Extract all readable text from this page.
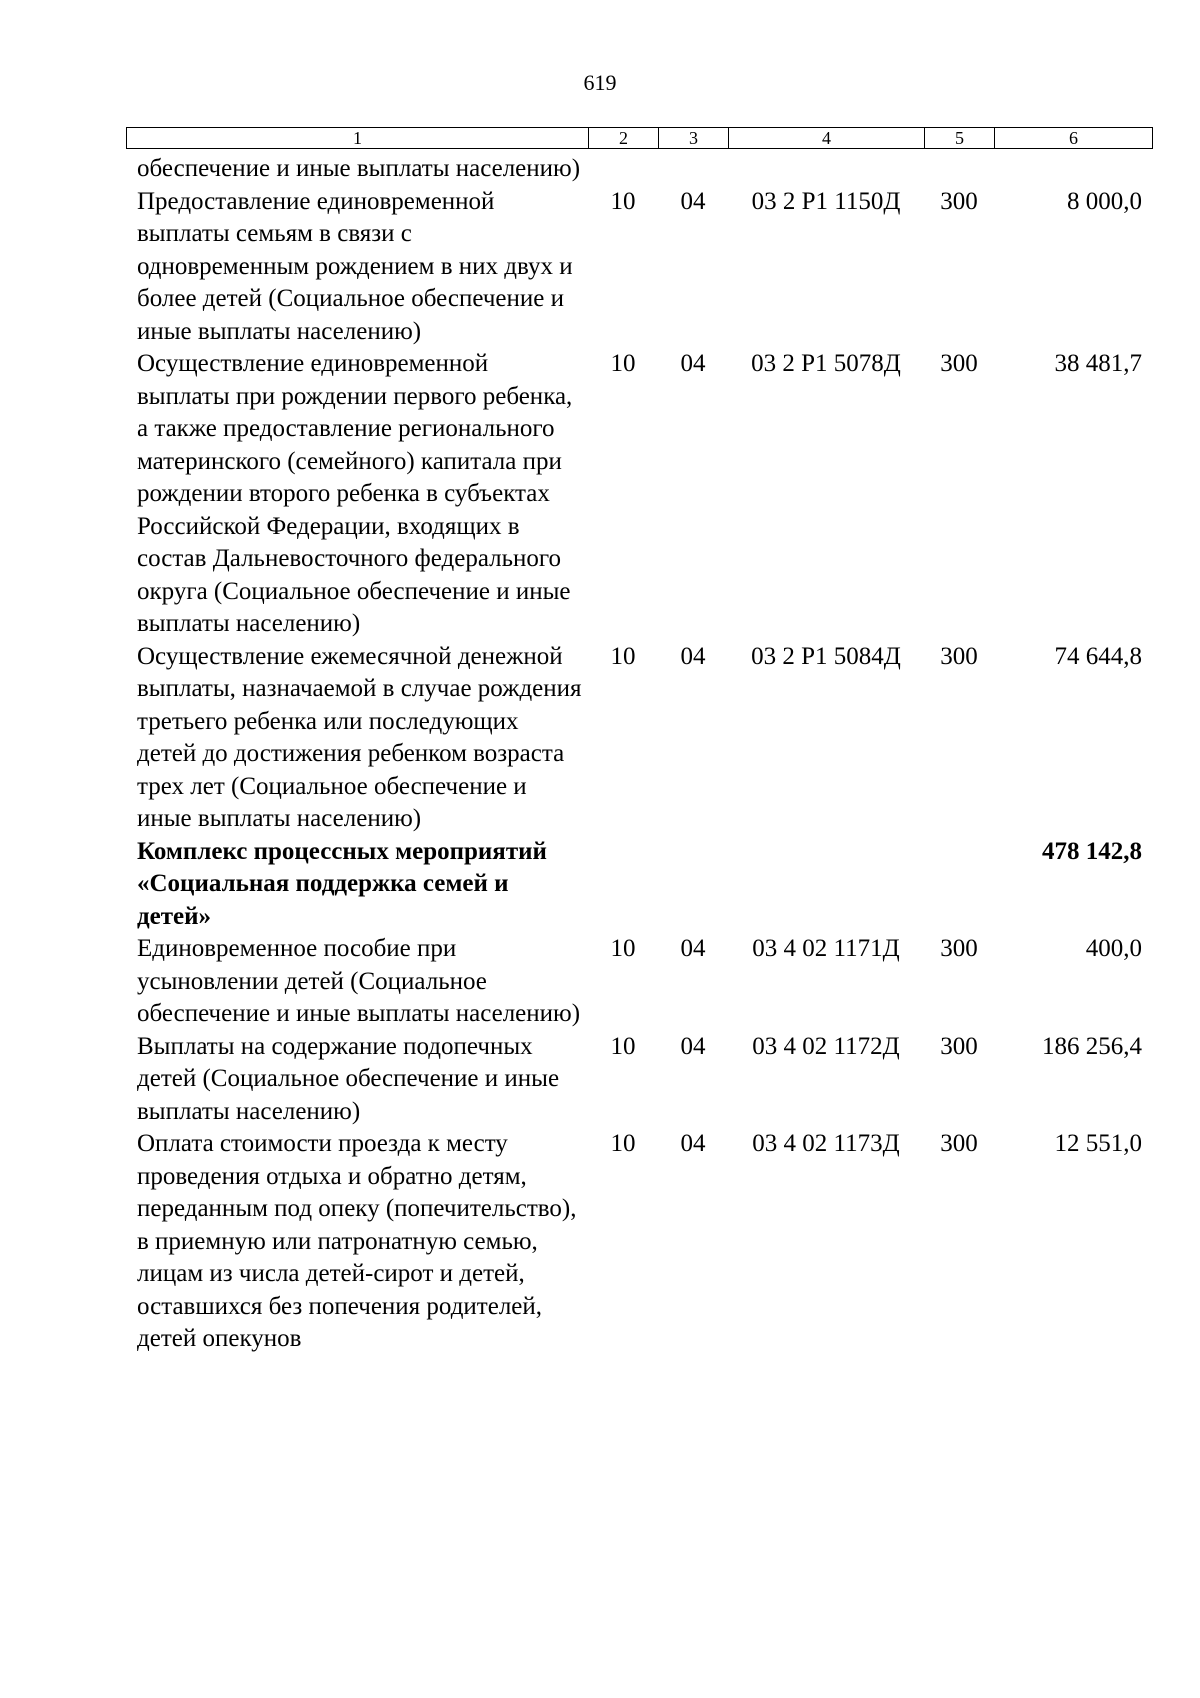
619
1	2	3	4	5	6
обеспечение и иные выплаты населению)					
Предоставление единовременной выплаты семьям в связи с одновременным рождением в них двух и более детей (Социальное обеспечение и иные выплаты населению)	10	04	03 2 Р1 1150Д	300	8 000,0
Осуществление единовременной выплаты при рождении первого ребенка, а также предоставление регионального материнского (семейного) капитала при рождении второго ребенка в субъектах Российской Федерации, входящих в состав Дальневосточного федерального округа (Социальное обеспечение и иные выплаты населению)	10	04	03 2 Р1 5078Д	300	38 481,7
Осуществление ежемесячной денежной выплаты, назначаемой в случае рождения третьего ребенка или последующих детей до достижения ребенком возраста трех лет (Социальное обеспечение и иные выплаты населению)	10	04	03 2 Р1 5084Д	300	74 644,8
Комплекс процессных мероприятий «Социальная поддержка семей и детей»					478 142,8
Единовременное пособие при усыновлении детей (Социальное обеспечение и иные выплаты населению)	10	04	03 4 02 1171Д	300	400,0
Выплаты на содержание подопечных детей (Социальное обеспечение и иные выплаты населению)	10	04	03 4 02 1172Д	300	186 256,4
Оплата стоимости проезда к месту проведения отдыха и обратно детям, переданным под опеку (попечительство), в приемную или патронатную семью, лицам из числа детей-сирот и детей, оставшихся без попечения родителей, детей опекунов	10	04	03 4 02 1173Д	300	12 551,0
